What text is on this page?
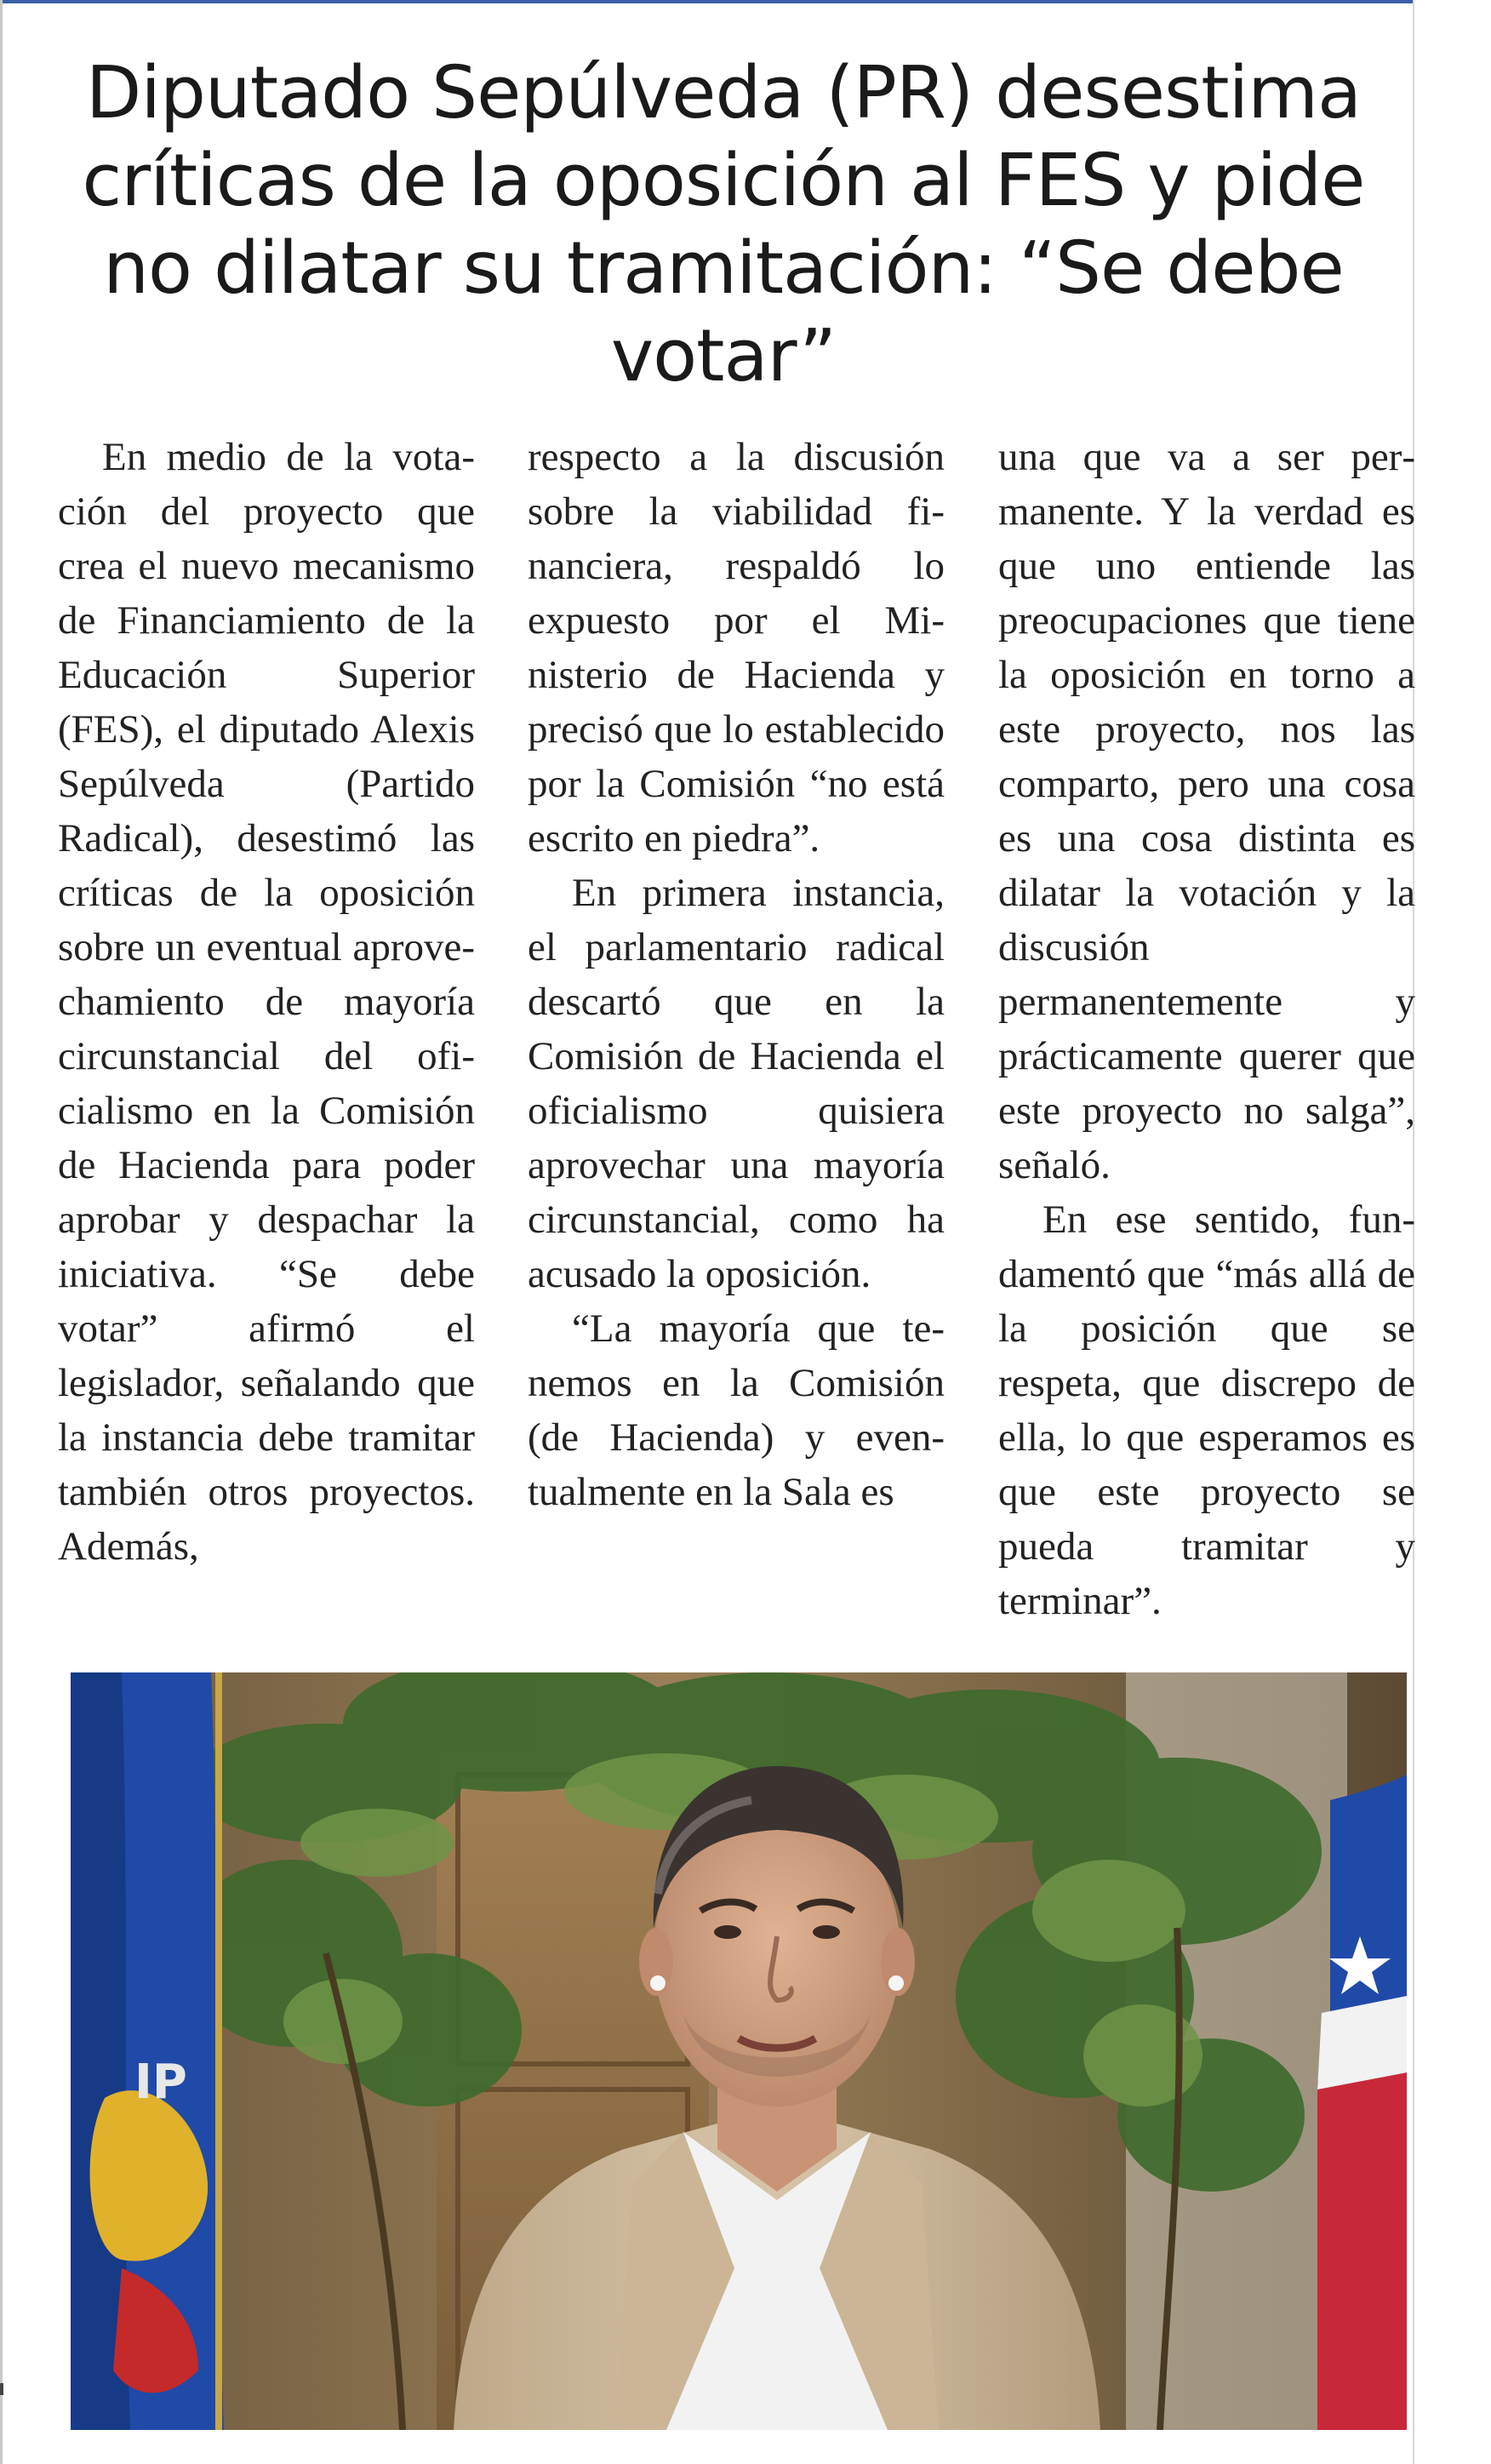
Diputado Sepúlveda (PR) desestima críticas de la oposición al FES y pide no dilatar su tramitación: “Se debe votar”

En medio de la votación del proyecto que crea el nuevo mecanismo de Financiamiento de la Educación Superior (FES), el diputado Alexis Sepúlveda (Partido Radical), desestimó las críticas de la oposición sobre un eventual aprovechamiento de mayoría circunstancial del oficialismo en la Comisión de Hacienda para poder aprobar y despachar la iniciativa. “Se debe votar” afirmó el legislador, señalando que la instancia debe tramitar también otros proyectos. Además,

respecto a la discusión sobre la viabilidad financiera, respaldó lo expuesto por el Ministerio de Hacienda y precisó que lo establecido por la Comisión “no está escrito en piedra”.

En primera instancia, el parlamentario radical descartó que en la Comisión de Hacienda el oficialismo quisiera aprovechar una mayoría circunstancial, como ha acusado la oposición.

“La mayoría que tenemos en la Comisión (de Hacienda) y eventualmente en la Sala es

una que va a ser permanente. Y la verdad es que uno entiende las preocupaciones que tiene la oposición en torno a este proyecto, nos las comparto, pero una cosa es una cosa distinta es dilatar la votación y la discusión permanentemente y prácticamente querer que este proyecto no salga”, señaló.

En ese sentido, fundamentó que “más allá de la posición que se respeta, que discrepo de ella, lo que esperamos es que este proyecto se pueda tramitar y terminar”.

IP
